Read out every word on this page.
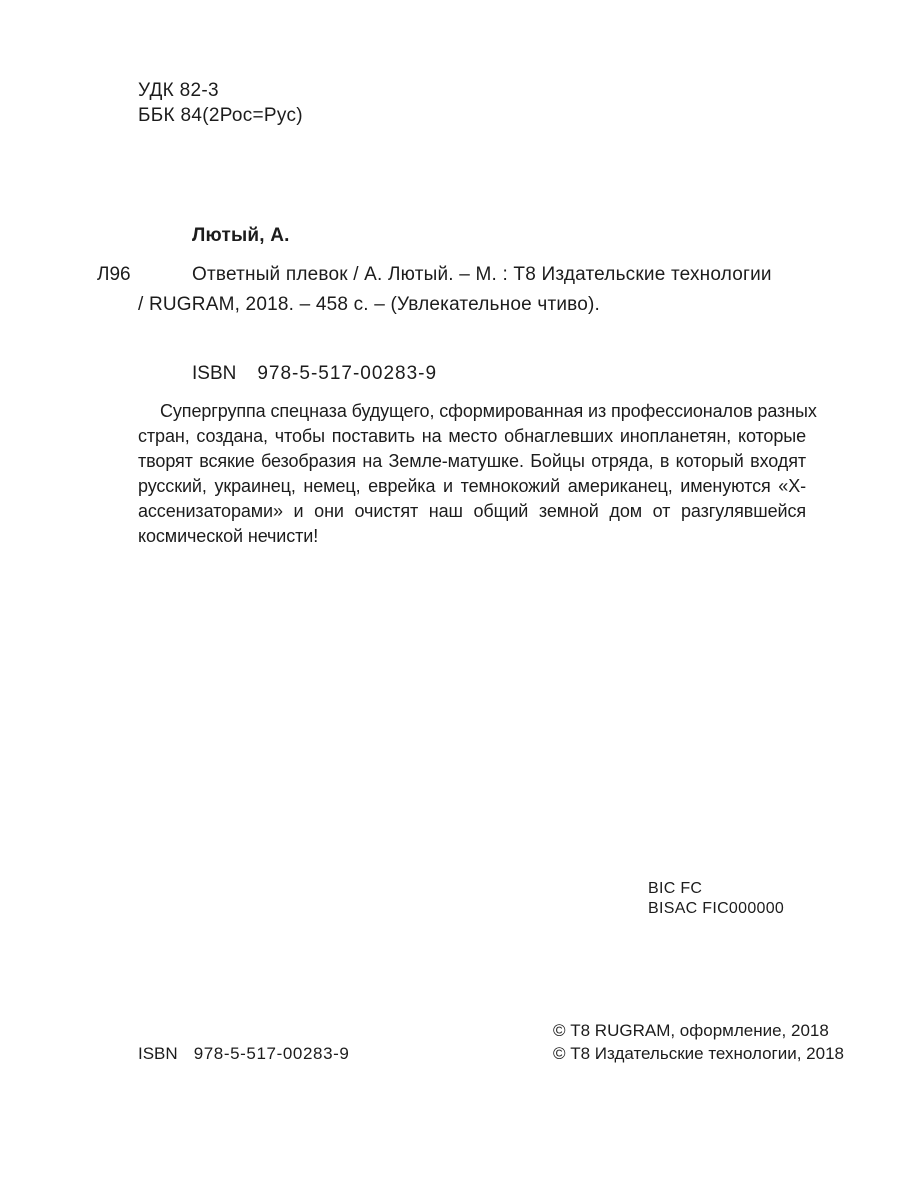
УДК 82-3
ББК 84(2Рос=Рус)
Лютый, А.
Л96	Ответный плевок / А. Лютый. – М. : Т8 Издательские технологии
/ RUGRAM, 2018. – 458 с. – (Увлекательное чтиво).
ISBN 978-5-517-00283-9
Супергруппа спецназа будущего, сформированная из профессионалов разных
стран, создана, чтобы поставить на место обнаглевших инопланетян, которые
творят всякие безобразия на Земле-матушке. Бойцы отряда, в который входят
русский, украинец, немец, еврейка и темнокожий американец, именуются «Х-
ассенизаторами» и они очистят наш общий земной дом от разгулявшейся
космической нечисти!
BIC FC
BISAC FIC000000
© Т8 RUGRAM, оформление, 2018
ISBN 978-5-517-00283-9	© Т8 Издательские технологии, 2018
